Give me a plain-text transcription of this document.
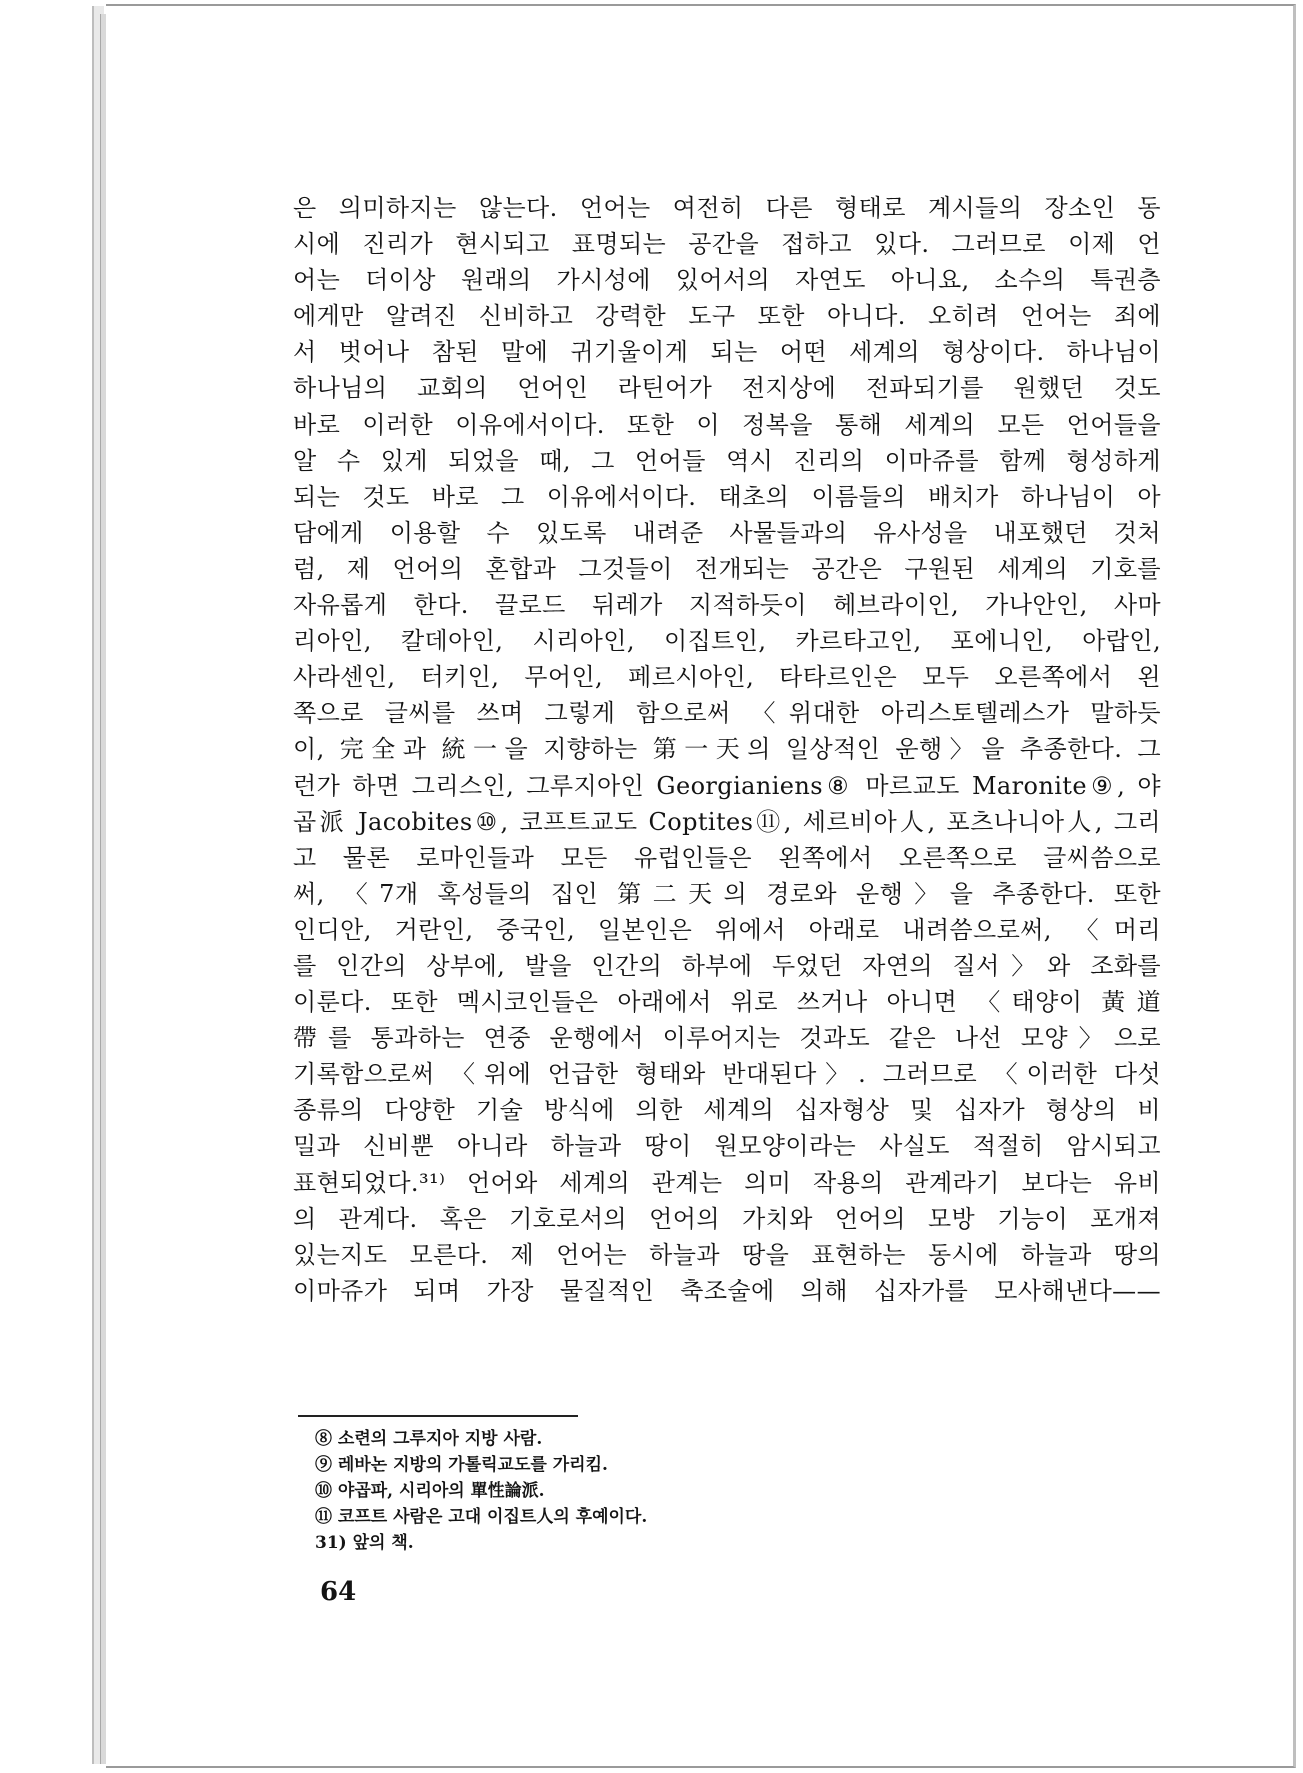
은 의미하지는 않는다. 언어는 여전히 다른 형태로 계시들의 장소인 동
시에 진리가 현시되고 표명되는 공간을 접하고 있다. 그러므로 이제 언
어는 더이상 원래의 가시성에 있어서의 자연도 아니요, 소수의 특권층
에게만 알려진 신비하고 강력한 도구 또한 아니다. 오히려 언어는 죄에
서 벗어나 참된 말에 귀기울이게 되는 어떤 세계의 형상이다. 하나님이
하나님의 교회의 언어인 라틴어가 전지상에 전파되기를 원했던 것도
바로 이러한 이유에서이다. 또한 이 정복을 통해 세계의 모든 언어들을
알 수 있게 되었을 때, 그 언어들 역시 진리의 이마쥬를 함께 형성하게
되는 것도 바로 그 이유에서이다. 태초의 이름들의 배치가 하나님이 아
담에게 이용할 수 있도록 내려준 사물들과의 유사성을 내포했던 것처
럼, 제 언어의 혼합과 그것들이 전개되는 공간은 구원된 세계의 기호를
자유롭게 한다. 끌로드 뒤레가 지적하듯이 헤브라이인, 가나안인, 사마
리아인, 칼데아인, 시리아인, 이집트인, 카르타고인, 포에니인, 아랍인,
사라센인, 터키인, 무어인, 페르시아인, 타타르인은 모두 오른쪽에서 왼
쪽으로 글씨를 쓰며 그렇게 함으로써 〈위대한 아리스토텔레스가 말하듯
이, 完全과 統一을 지향하는 第一天의 일상적인 운행〉을 추종한다. 그
런가 하면 그리스인, 그루지아인 Georgianiens⑧ 마르교도 Maronite⑨, 야
곱派 Jacobites⑩, 코프트교도 Coptites⑪, 세르비아人, 포츠나니아人, 그리
고 물론 로마인들과 모든 유럽인들은 왼쪽에서 오른쪽으로 글씨씀으로
써, 〈7개 혹성들의 집인 第二天의 경로와 운행〉을 추종한다. 또한
인디안, 거란인, 중국인, 일본인은 위에서 아래로 내려씀으로써, 〈머리
를 인간의 상부에, 발을 인간의 하부에 두었던 자연의 질서〉와 조화를
이룬다. 또한 멕시코인들은 아래에서 위로 쓰거나 아니면 〈태양이 黃道
帶를 통과하는 연중 운행에서 이루어지는 것과도 같은 나선 모양〉으로
기록함으로써 〈위에 언급한 형태와 반대된다〉. 그러므로 〈이러한 다섯
종류의 다양한 기술 방식에 의한 세계의 십자형상 및 십자가 형상의 비
밀과 신비뿐 아니라 하늘과 땅이 원모양이라는 사실도 적절히 암시되고
표현되었다.³¹⁾ 언어와 세계의 관계는 의미 작용의 관계라기 보다는 유비
의 관계다. 혹은 기호로서의 언어의 가치와 언어의 모방 기능이 포개져
있는지도 모른다. 제 언어는 하늘과 땅을 표현하는 동시에 하늘과 땅의
이마쥬가 되며 가장 물질적인 축조술에 의해 십자가를 모사해낸다——
⑧ 소련의 그루지아 지방 사람.
⑨ 레바논 지방의 가톨릭교도를 가리킴.
⑩ 야곱파, 시리아의 單性論派.
⑪ 코프트 사람은 고대 이집트人의 후예이다.
31) 앞의 책.
64
